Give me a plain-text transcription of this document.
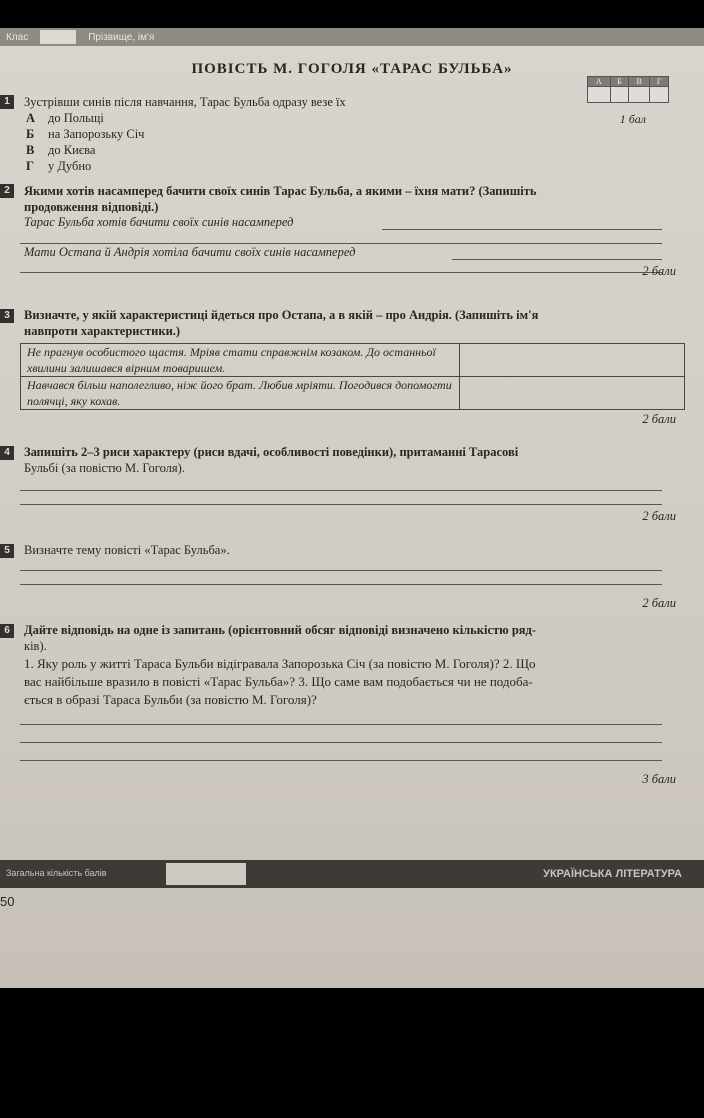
Клас	Прізвище, ім'я
ПОВІСТЬ М. ГОГОЛЯ «ТАРАС БУЛЬБА»
А	Б	В	Г

1 бал
1	Зустрівши синів після навчання, Тарас Бульба одразу везе їх
А до Польщі
Б на Запорозьку Січ
В до Києва
Г у Дубно
2	Якими хотів насамперед бачити своїх синів Тарас Бульба, а якими – їхня мати? (Запишіть
продовження відповіді.)
Тарас Бульба хотів бачити своїх синів насамперед
Мати Остапа й Андрія хотіла бачити своїх синів насамперед
2 бали
3	Визначте, у якій характеристиці йдеться про Остапа, а в якій – про Андрія. (Запишіть ім'я
навпроти характеристики.)
Не прагнув особистого щастя. Мріяв стати справжнім козаком. До останньої хвилини залишався вірним товаришем.	
Навчався більш наполегливо, ніж його брат. Любив мріяти. Погодився допомогти полячці, яку кохав.	
2 бали
4	Запишіть 2–3 риси характеру (риси вдачі, особливості поведінки), притаманні Тарасові
Бульбі (за повістю М. Гоголя).
2 бали
5	Визначте тему повісті «Тарас Бульба».
2 бали
6	Дайте відповідь на одне із запитань (орієнтовний обсяг відповіді визначено кількістю ряд-
ків).
1. Яку роль у житті Тараса Бульби відігравала Запорозька Січ (за повістю М. Гоголя)? 2. Що
вас найбільше вразило в повісті «Тарас Бульба»? 3. Що саме вам подобається чи не подоба-
ється в образі Тараса Бульби (за повістю М. Гоголя)?
3 бали
Загальна кількість балів	УКРАЇНСЬКА ЛІТЕРАТУРА
50
